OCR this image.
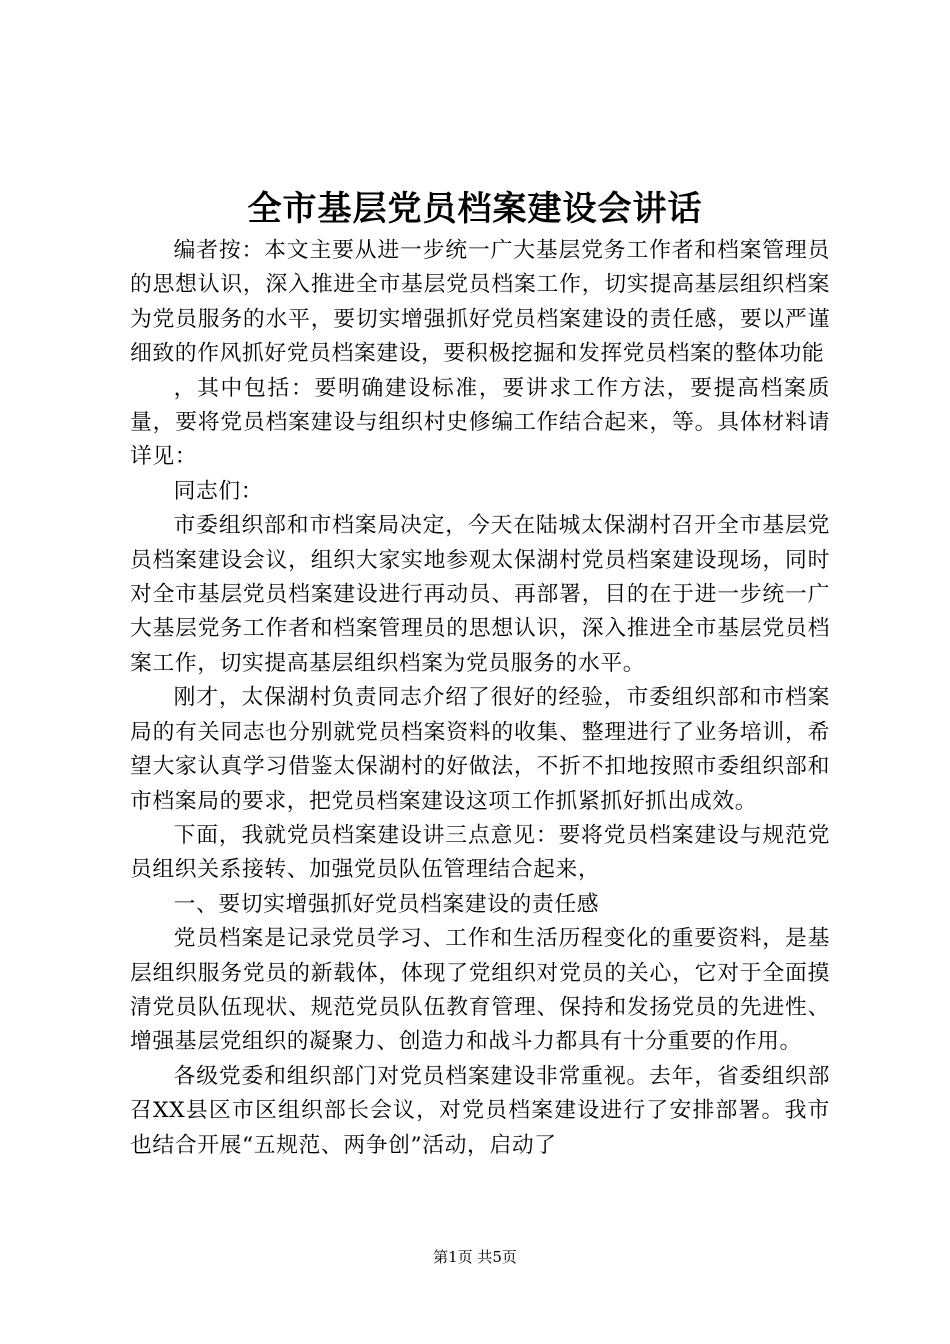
全市基层党员档案建设会讲话

编者按：本文主要从进一步统一广大基层党务工作者和档案管理员的思想认识，深入推进全市基层党员档案工作，切实提高基层组织档案为党员服务的水平，要切实增强抓好党员档案建设的责任感，要以严谨细致的作风抓好党员档案建设，要积极挖掘和发挥党员档案的整体功能

，其中包括：要明确建设标准，要讲求工作方法，要提高档案质量，要将党员档案建设与组织村史修编工作结合起来，等。具体材料请详见：

同志们：

市委组织部和市档案局决定，今天在陆城太保湖村召开全市基层党员档案建设会议，组织大家实地参观太保湖村党员档案建设现场，同时对全市基层党员档案建设进行再动员、再部署，目的在于进一步统一广大基层党务工作者和档案管理员的思想认识，深入推进全市基层党员档案工作，切实提高基层组织档案为党员服务的水平。

刚才，太保湖村负责同志介绍了很好的经验，市委组织部和市档案局的有关同志也分别就党员档案资料的收集、整理进行了业务培训，希望大家认真学习借鉴太保湖村的好做法，不折不扣地按照市委组织部和市档案局的要求，把党员档案建设这项工作抓紧抓好抓出成效。

下面，我就党员档案建设讲三点意见：要将党员档案建设与规范党员组织关系接转、加强党员队伍管理结合起来，

一、要切实增强抓好党员档案建设的责任感

党员档案是记录党员学习、工作和生活历程变化的重要资料，是基层组织服务党员的新载体，体现了党组织对党员的关心，它对于全面摸清党员队伍现状、规范党员队伍教育管理、保持和发扬党员的先进性、增强基层党组织的凝聚力、创造力和战斗力都具有十分重要的作用。

各级党委和组织部门对党员档案建设非常重视。去年，省委组织部召XX县区市区组织部长会议，对党员档案建设进行了安排部署。我市也结合开展“五规范、两争创”活动，启动了

第1页 共5页
